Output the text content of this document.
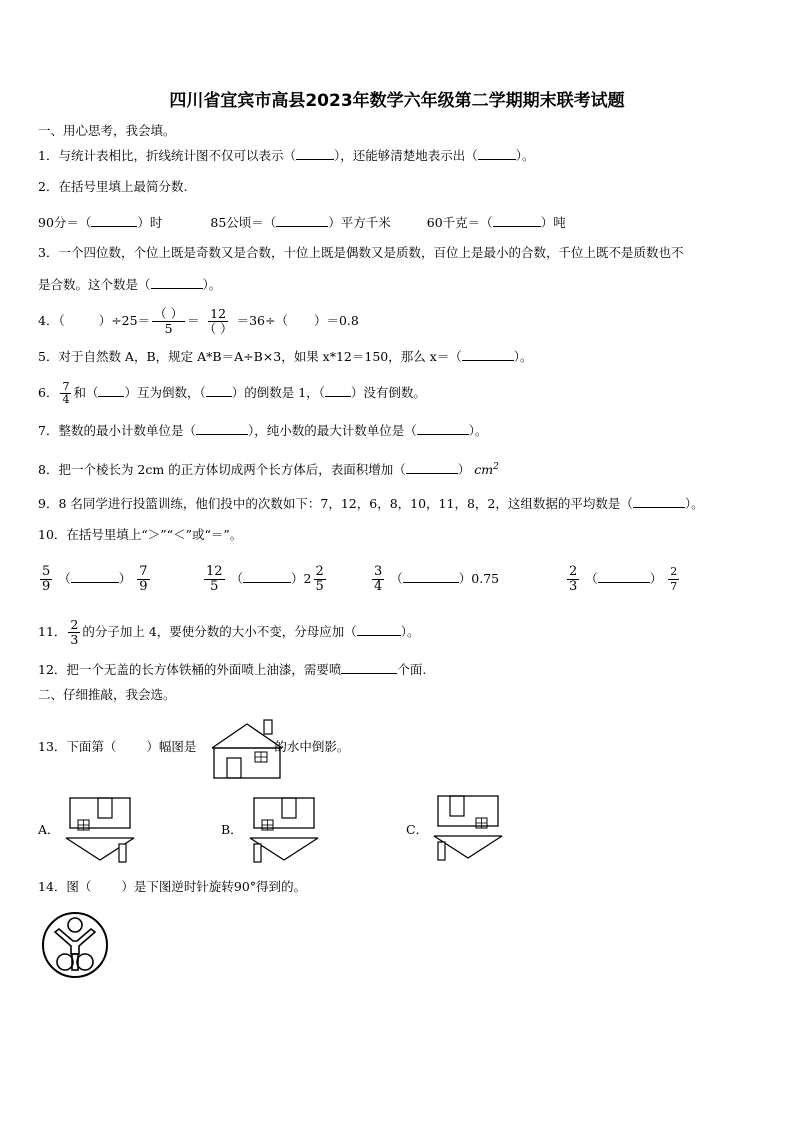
四川省宜宾市高县2023年数学六年级第二学期期末联考试题
一、用心思考，我会填。
1．与统计表相比，折线统计图不仅可以表示（	），还能够清楚地表示出（	）。
2．在括号里填上最简分数.
90分＝（	）时	85公顷＝（	）平方千米	60千克＝（	）吨
3．一个四位数，个位上既是奇数又是合数，十位上既是偶数又是质数，百位上是最小的合数，千位上既不是质数也不
是合数。这个数是（	）。
4．（	）$\div 25= \frac{( )}{5} = \frac{12}{( )} =36\div$（ ）＝0.8
5．对于自然数 A，B，规定 A*B＝A÷B×3，如果 x*12＝150，那么 x＝（	）。
6． $\frac{7}{4}$ 和（ ）互为倒数，（ ）的倒数是 1，（ ）没有倒数。
7．整数的最小计数单位是（	），纯小数的最大计数单位是（	）。
8．把一个棱长为 2cm 的正方体切成两个长方体后，表面积增加（	） $cm^2$
9．8 名同学进行投篮训练，他们投中的次数如下：7，12，6，8，10，11，8，2，这组数据的平均数是（	）。
10．在括号里填上“＞”“＜”或“＝”。
$\frac{5}{9}$ （	） $\frac{7}{9}$	$\frac{12}{5}$ （	）$2 \frac{2}{5}$	$\frac{3}{4}$ （	）0.75	$\frac{2}{3}$ （	） $\frac{2}{7}$
11． $\frac{2}{3}$ 的分子加上 4，要使分数的大小不变，分母应加（	）。
12．把一个无盖的长方体铁桶的外面喷上油漆，需要喷	个面.
二、仔细推敲，我会选。
13．下面第（ ）幅图是	的水中倒影。
A．	B．	C．
14．图（ ）是下图逆时针旋转90°得到的。
